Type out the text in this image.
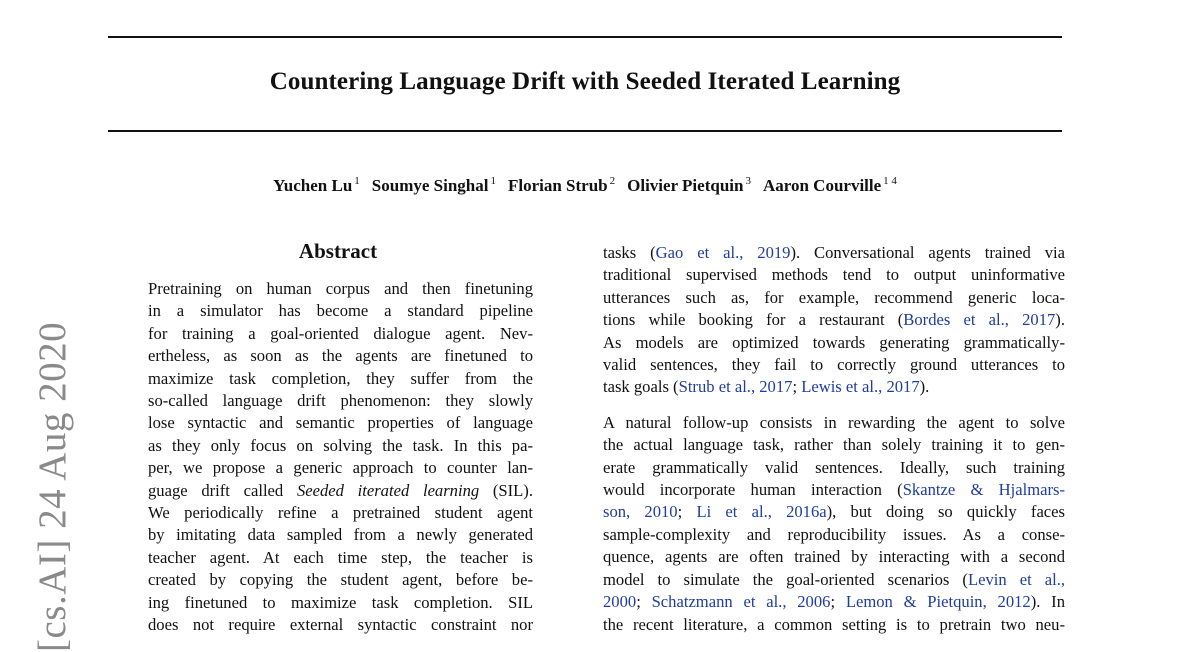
Countering Language Drift with Seeded Iterated Learning
Yuchen Lu $^1$ Soumye Singhal $^1$ Florian Strub $^2$ Olivier Pietquin $^3$ Aaron Courville $^{1 4}$
[cs.AI] 24 Aug 2020
Abstract
Pretraining on human corpus and then finetuning
in a simulator has become a standard pipeline
for training a goal-oriented dialogue agent. Nev-
ertheless, as soon as the agents are finetuned to
maximize task completion, they suffer from the
so-called language drift phenomenon: they slowly
lose syntactic and semantic properties of language
as they only focus on solving the task. In this pa-
per, we propose a generic approach to counter lan-
guage drift called Seeded iterated learning (SIL).
We periodically refine a pretrained student agent
by imitating data sampled from a newly generated
teacher agent. At each time step, the teacher is
created by copying the student agent, before be-
ing finetuned to maximize task completion. SIL
does not require external syntactic constraint nor
tasks (Gao et al., 2019). Conversational agents trained via
traditional supervised methods tend to output uninformative
utterances such as, for example, recommend generic loca-
tions while booking for a restaurant (Bordes et al., 2017).
As models are optimized towards generating grammatically-
valid sentences, they fail to correctly ground utterances to
task goals (Strub et al., 2017; Lewis et al., 2017).
A natural follow-up consists in rewarding the agent to solve
the actual language task, rather than solely training it to gen-
erate grammatically valid sentences. Ideally, such training
would incorporate human interaction (Skantze & Hjalmars-
son, 2010; Li et al., 2016a), but doing so quickly faces
sample-complexity and reproducibility issues. As a conse-
quence, agents are often trained by interacting with a second
model to simulate the goal-oriented scenarios (Levin et al.,
2000; Schatzmann et al., 2006; Lemon & Pietquin, 2012). In
the recent literature, a common setting is to pretrain two neu-
